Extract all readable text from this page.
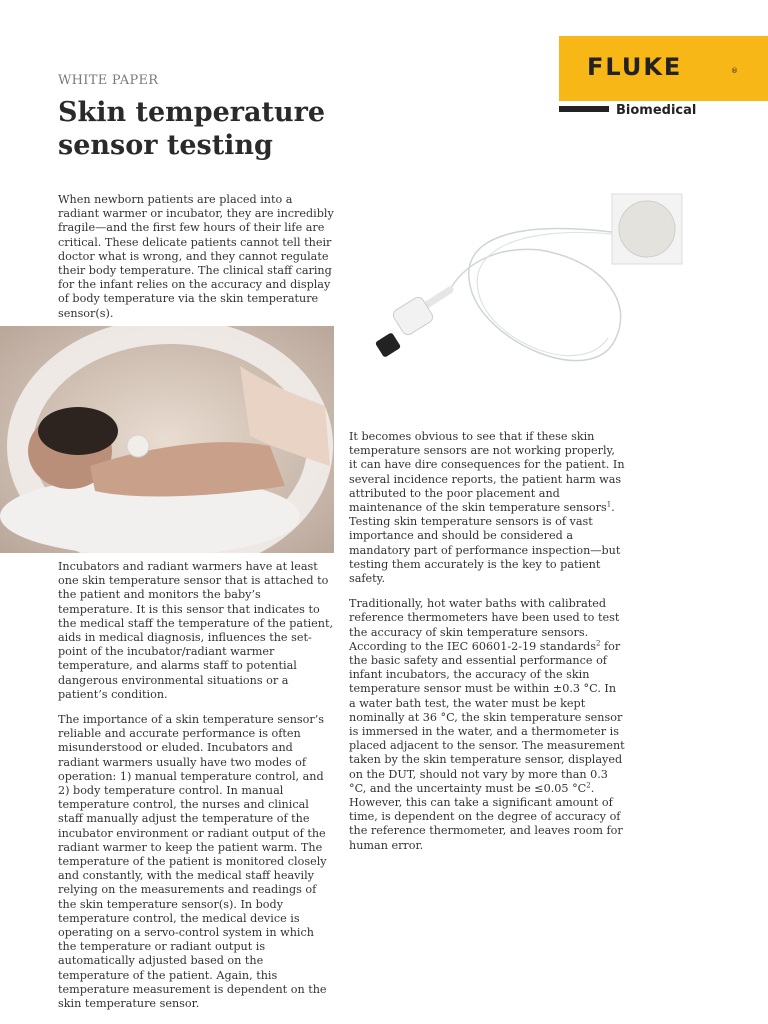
WHITE PAPER
Skin temperature sensor testing
FLUKE	®
Biomedical

When newborn patients are placed into a radiant warmer or incubator, they are incredibly fragile—and the first few hours of their life are critical. These delicate patients cannot tell their doctor what is wrong, and they cannot regulate their body temperature. The clinical staff caring for the infant relies on the accuracy and display of body temperature via the skin temperature sensor(s).

Incubators and radiant warmers have at least one skin temperature sensor that is attached to the patient and monitors the baby’s temperature. It is this sensor that indicates to the medical staff the temperature of the patient, aids in medical diagnosis, influences the set-point of the incubator/radiant warmer temperature, and alarms staff to potential dangerous environmental situations or a patient’s condition.

The importance of a skin temperature sensor’s reliable and accurate performance is often misunderstood or eluded. Incubators and radiant warmers usually have two modes of operation: 1) manual temperature control, and 2) body temperature control. In manual temperature control, the nurses and clinical staff manually adjust the temperature of the incubator environment or radiant output of the radiant warmer to keep the patient warm. The temperature of the patient is monitored closely and constantly, with the medical staff heavily relying on the measurements and readings of the skin temperature sensor(s). In body temperature control, the medical device is operating on a servo-control system in which the temperature or radiant output is automatically adjusted based on the temperature of the patient. Again, this temperature measurement is dependent on the skin temperature sensor.

It becomes obvious to see that if these skin temperature sensors are not working properly, it can have dire consequences for the patient. In several incidence reports, the patient harm was attributed to the poor placement and maintenance of the skin temperature sensors$^1$. Testing skin temperature sensors is of vast importance and should be considered a mandatory part of performance inspection—but testing them accurately is the key to patient safety.

Traditionally, hot water baths with calibrated reference thermometers have been used to test the accuracy of skin temperature sensors. According to the IEC 60601-2-19 standards$^2$ for the basic safety and essential performance of infant incubators, the accuracy of the skin temperature sensor must be within ±0.3 °C. In a water bath test, the water must be kept nominally at 36 °C, the skin temperature sensor is immersed in the water, and a thermometer is placed adjacent to the sensor. The measurement taken by the skin temperature sensor, displayed on the DUT, should not vary by more than 0.3 °C, and the uncertainty must be ≤0.05 $^\circ C^2$. However, this can take a significant amount of time, is dependent on the degree of accuracy of the reference thermometer, and leaves room for human error.
